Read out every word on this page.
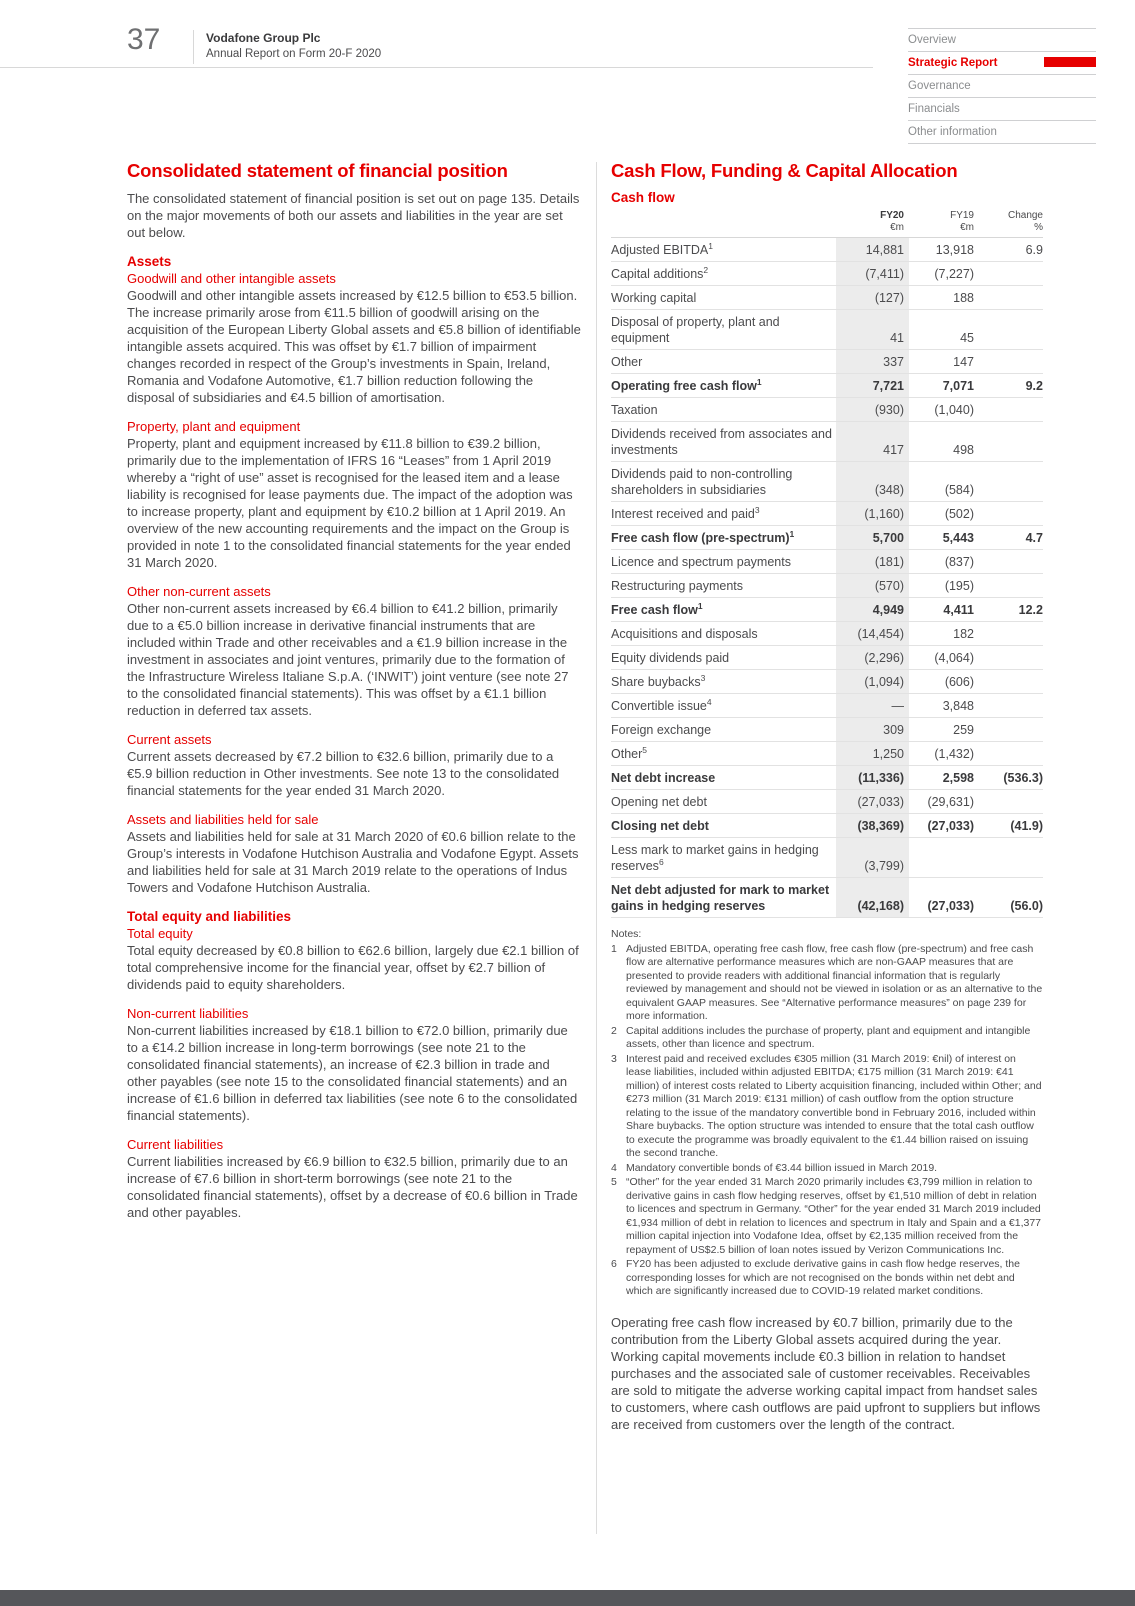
37	Vodafone Group Plc
Annual Report on Form 20-F 2020
Overview
Strategic Report
Governance
Financials
Other information
Consolidated statement of financial position

The consolidated statement of financial position is set out on page 135. Details on the major movements of both our assets and liabilities in the year are set out below.

Assets
Goodwill and other intangible assets

Goodwill and other intangible assets increased by €12.5 billion to €53.5 billion. The increase primarily arose from €11.5 billion of goodwill arising on the acquisition of the European Liberty Global assets and €5.8 billion of identifiable intangible assets acquired. This was offset by €1.7 billion of impairment changes recorded in respect of the Group’s investments in Spain, Ireland, Romania and Vodafone Automotive, €1.7 billion reduction following the disposal of subsidiaries and €4.5 billion of amortisation.

Property, plant and equipment

Property, plant and equipment increased by €11.8 billion to €39.2 billion, primarily due to the implementation of IFRS 16 “Leases” from 1 April 2019 whereby a “right of use” asset is recognised for the leased item and a lease liability is recognised for lease payments due. The impact of the adoption was to increase property, plant and equipment by €10.2 billion at 1 April 2019. An overview of the new accounting requirements and the impact on the Group is provided in note 1 to the consolidated financial statements for the year ended 31 March 2020.

Other non-current assets

Other non-current assets increased by €6.4 billion to €41.2 billion, primarily due to a €5.0 billion increase in derivative financial instruments that are included within Trade and other receivables and a €1.9 billion increase in the investment in associates and joint ventures, primarily due to the formation of the Infrastructure Wireless Italiane S.p.A. (‘INWIT’) joint venture (see note 27 to the consolidated financial statements). This was offset by a €1.1 billion reduction in deferred tax assets.

Current assets

Current assets decreased by €7.2 billion to €32.6 billion, primarily due to a €5.9 billion reduction in Other investments. See note 13 to the consolidated financial statements for the year ended 31 March 2020.

Assets and liabilities held for sale

Assets and liabilities held for sale at 31 March 2020 of €0.6 billion relate to the Group’s interests in Vodafone Hutchison Australia and Vodafone Egypt. Assets and liabilities held for sale at 31 March 2019 relate to the operations of Indus Towers and Vodafone Hutchison Australia.

Total equity and liabilities
Total equity

Total equity decreased by €0.8 billion to €62.6 billion, largely due €2.1 billion of total comprehensive income for the financial year, offset by €2.7 billion of dividends paid to equity shareholders.

Non-current liabilities

Non-current liabilities increased by €18.1 billion to €72.0 billion, primarily due to a €14.2 billion increase in long-term borrowings (see note 21 to the consolidated financial statements), an increase of €2.3 billion in trade and other payables (see note 15 to the consolidated financial statements) and an increase of €1.6 billion in deferred tax liabilities (see note 6 to the consolidated financial statements).

Current liabilities

Current liabilities increased by €6.9 billion to €32.5 billion, primarily due to an increase of €7.6 billion in short-term borrowings (see note 21 to the consolidated financial statements), offset by a decrease of €0.6 billion in Trade and other payables.

Cash Flow, Funding & Capital Allocation
Cash flow

	FY20
€m	FY19
€m	Change
%

Adjusted EBITDA$^1$	14,881	13,918	6.9
Capital additions$^2$	(7,411)	(7,227)	
Working capital	(127)	188	
Disposal of property, plant and equipment	41	45	
Other	337	147	
Operating free cash flow$^1$	7,721	7,071	9.2
Taxation	(930)	(1,040)	
Dividends received from associates and investments	417	498	
Dividends paid to non-controlling shareholders in subsidiaries	(348)	(584)	
Interest received and paid$^3$	(1,160)	(502)	
Free cash flow (pre-spectrum)$^1$	5,700	5,443	4.7
Licence and spectrum payments	(181)	(837)	
Restructuring payments	(570)	(195)	
Free cash flow$^1$	4,949	4,411	12.2
Acquisitions and disposals	(14,454)	182	
Equity dividends paid	(2,296)	(4,064)	
Share buybacks$^3$	(1,094)	(606)	
Convertible issue$^4$	—	3,848	
Foreign exchange	309	259	
Other$^5$	1,250	(1,432)	
Net debt increase	(11,336)	2,598	(536.3)
Opening net debt	(27,033)	(29,631)	
Closing net debt	(38,369)	(27,033)	(41.9)
Less mark to market gains in hedging reserves$^6$	(3,799)		
Net debt adjusted for mark to market gains in hedging reserves	(42,168)	(27,033)	(56.0)
Notes:
1 Adjusted EBITDA, operating free cash flow, free cash flow (pre-spectrum) and free cash flow are alternative performance measures which are non-GAAP measures that are presented to provide readers with additional financial information that is regularly reviewed by management and should not be viewed in isolation or as an alternative to the equivalent GAAP measures. See “Alternative performance measures” on page 239 for more information.
2 Capital additions includes the purchase of property, plant and equipment and intangible assets, other than licence and spectrum.
3 Interest paid and received excludes €305 million (31 March 2019: €nil) of interest on lease liabilities, included within adjusted EBITDA; €175 million (31 March 2019: €41 million) of interest costs related to Liberty acquisition financing, included within Other; and €273 million (31 March 2019: €131 million) of cash outflow from the option structure relating to the issue of the mandatory convertible bond in February 2016, included within Share buybacks. The option structure was intended to ensure that the total cash outflow to execute the programme was broadly equivalent to the €1.44 billion raised on issuing the second tranche.
4 Mandatory convertible bonds of €3.44 billion issued in March 2019.
5 “Other” for the year ended 31 March 2020 primarily includes €3,799 million in relation to derivative gains in cash flow hedging reserves, offset by €1,510 million of debt in relation to licences and spectrum in Germany. “Other” for the year ended 31 March 2019 included €1,934 million of debt in relation to licences and spectrum in Italy and Spain and a €1,377 million capital injection into Vodafone Idea, offset by €2,135 million received from the repayment of US$2.5 billion of loan notes issued by Verizon Communications Inc.
6 FY20 has been adjusted to exclude derivative gains in cash flow hedge reserves, the corresponding losses for which are not recognised on the bonds within net debt and which are significantly increased due to COVID-19 related market conditions.

Operating free cash flow increased by €0.7 billion, primarily due to the contribution from the Liberty Global assets acquired during the year. Working capital movements include €0.3 billion in relation to handset purchases and the associated sale of customer receivables. Receivables are sold to mitigate the adverse working capital impact from handset sales to customers, where cash outflows are paid upfront to suppliers but inflows are received from customers over the length of the contract.
